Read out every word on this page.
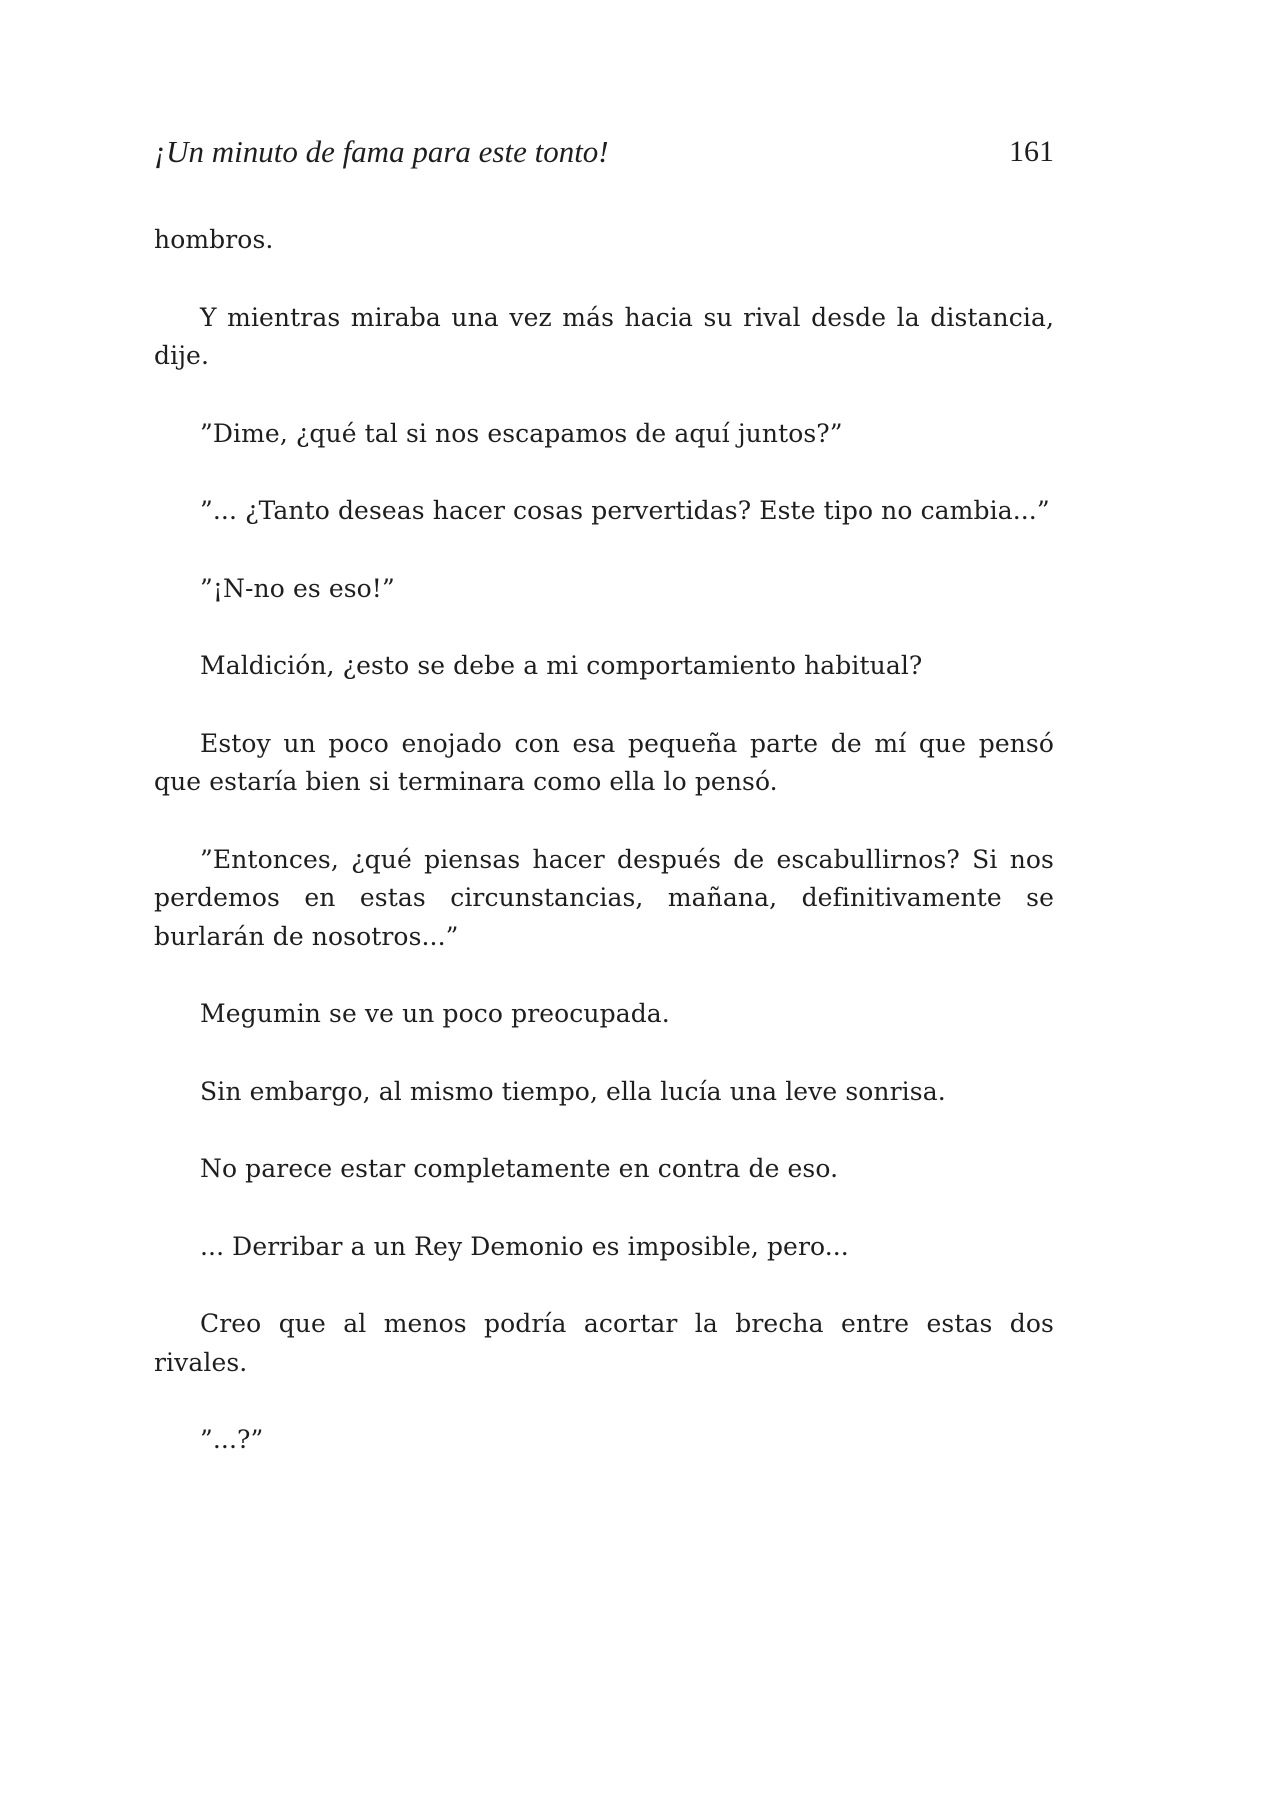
¡Un minuto de fama para este tonto!	161

hombros.

Y mientras miraba una vez más hacia su rival desde la distancia, dije.

”Dime, ¿qué tal si nos escapamos de aquí juntos?”

”... ¿Tanto deseas hacer cosas pervertidas? Este tipo no cambia...”

”¡N-no es eso!”

Maldición, ¿esto se debe a mi comportamiento habitual?

Estoy un poco enojado con esa pequeña parte de mí que pensó que estaría bien si terminara como ella lo pensó.

”Entonces, ¿qué piensas hacer después de escabullirnos? Si nos perdemos en estas circunstancias, mañana, definitivamente se burlarán de nosotros...”

Megumin se ve un poco preocupada.

Sin embargo, al mismo tiempo, ella lucía una leve sonrisa.

No parece estar completamente en contra de eso.

... Derribar a un Rey Demonio es imposible, pero...

Creo que al menos podría acortar la brecha entre estas dos rivales.

”...?”
